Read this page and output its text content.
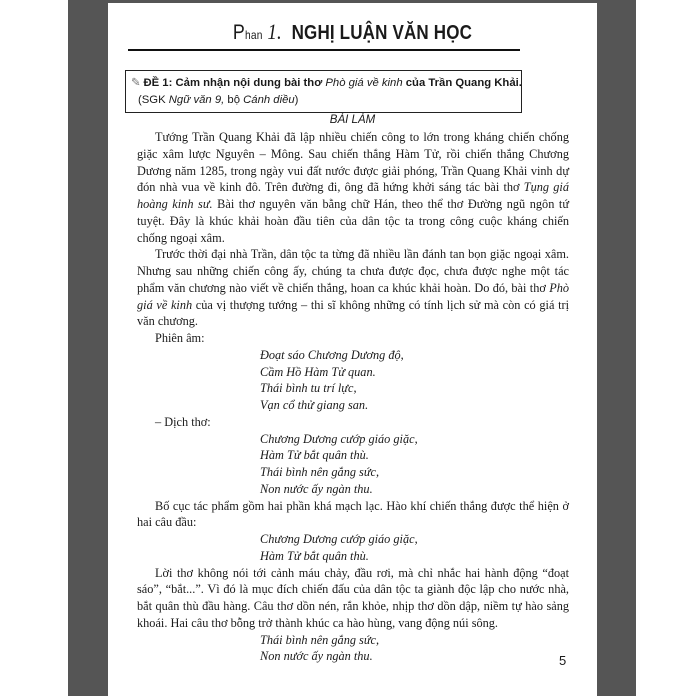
Phan 1. NGHỊ LUẬN VĂN HỌC
✎ ĐỀ 1: Cảm nhận nội dung bài thơ Phò giá về kinh của Trần Quang Khải.
(SGK Ngữ văn 9, bộ Cánh diều)
BÀI LÀM

Tướng Trần Quang Khải đã lập nhiều chiến công to lớn trong kháng chiến chống giặc xâm lược Nguyên – Mông. Sau chiến thắng Hàm Tử, rồi chiến thắng Chương Dương năm 1285, trong ngày vui đất nước được giải phóng, Trần Quang Khải vinh dự đón nhà vua về kinh đô. Trên đường đi, ông đã hứng khởi sáng tác bài thơ Tụng giá hoàng kinh sư. Bài thơ nguyên văn bằng chữ Hán, theo thể thơ Đường ngũ ngôn tứ tuyệt. Đây là khúc khải hoàn đầu tiên của dân tộc ta trong công cuộc kháng chiến chống ngoại xâm.

Trước thời đại nhà Trần, dân tộc ta từng đã nhiều lần đánh tan bọn giặc ngoại xâm. Nhưng sau những chiến công ấy, chúng ta chưa được đọc, chưa được nghe một tác phẩm văn chương nào viết về chiến thắng, hoan ca khúc khải hoàn. Do đó, bài thơ Phò giá về kinh của vị thượng tướng – thi sĩ không những có tính lịch sử mà còn có giá trị văn chương.

Phiên âm:

Đoạt sáo Chương Dương độ,
Cầm Hồ Hàm Tử quan.
Thái bình tu trí lực,
Vạn cổ thử giang san.

– Dịch thơ:

Chương Dương cướp giáo giặc,
Hàm Tử bắt quân thù.
Thái bình nên gắng sức,
Non nước ấy ngàn thu.

Bố cục tác phẩm gồm hai phần khá mạch lạc. Hào khí chiến thắng được thể hiện ở hai câu đầu:

Chương Dương cướp giáo giặc,
Hàm Tử bắt quân thù.

Lời thơ không nói tới cảnh máu chảy, đầu rơi, mà chỉ nhắc hai hành động “đoạt sáo”, “bắt...”. Vì đó là mục đích chiến đấu của dân tộc ta giành độc lập cho nước nhà, bắt quân thù đầu hàng. Câu thơ dồn nén, rắn khỏe, nhịp thơ dồn dập, niềm tự hào sảng khoái. Hai câu thơ bỗng trở thành khúc ca hào hùng, vang động núi sông.

Thái bình nên gắng sức,
Non nước ấy ngàn thu.	5
